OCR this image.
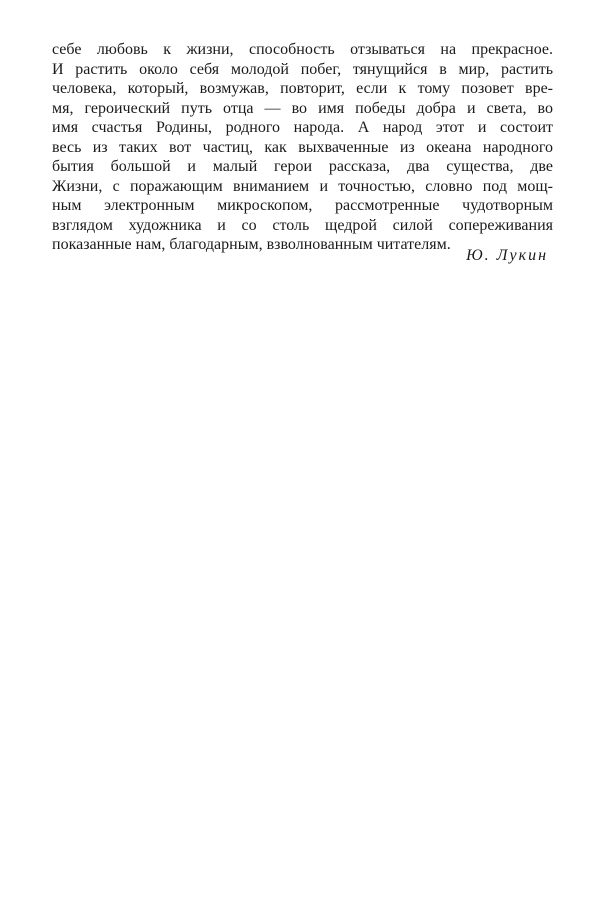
себе любовь к жизни, способность отзываться на прекрасное.
И растить около себя молодой побег, тянущийся в мир, растить
человека, который, возмужав, повторит, если к тому позовет вре-
мя, героический путь отца — во имя победы добра и света, во
имя счастья Родины, родного народа. А народ этот и состоит
весь из таких вот частиц, как выхваченные из океана народного
бытия большой и малый герои рассказа, два существа, две
Жизни, с поражающим вниманием и точностью, словно под мощ-
ным электронным микроскопом, рассмотренные чудотворным
взглядом художника и со столь щедрой силой сопереживания
показанные нам, благодарным, взволнованным читателям.
Ю. Лукин
